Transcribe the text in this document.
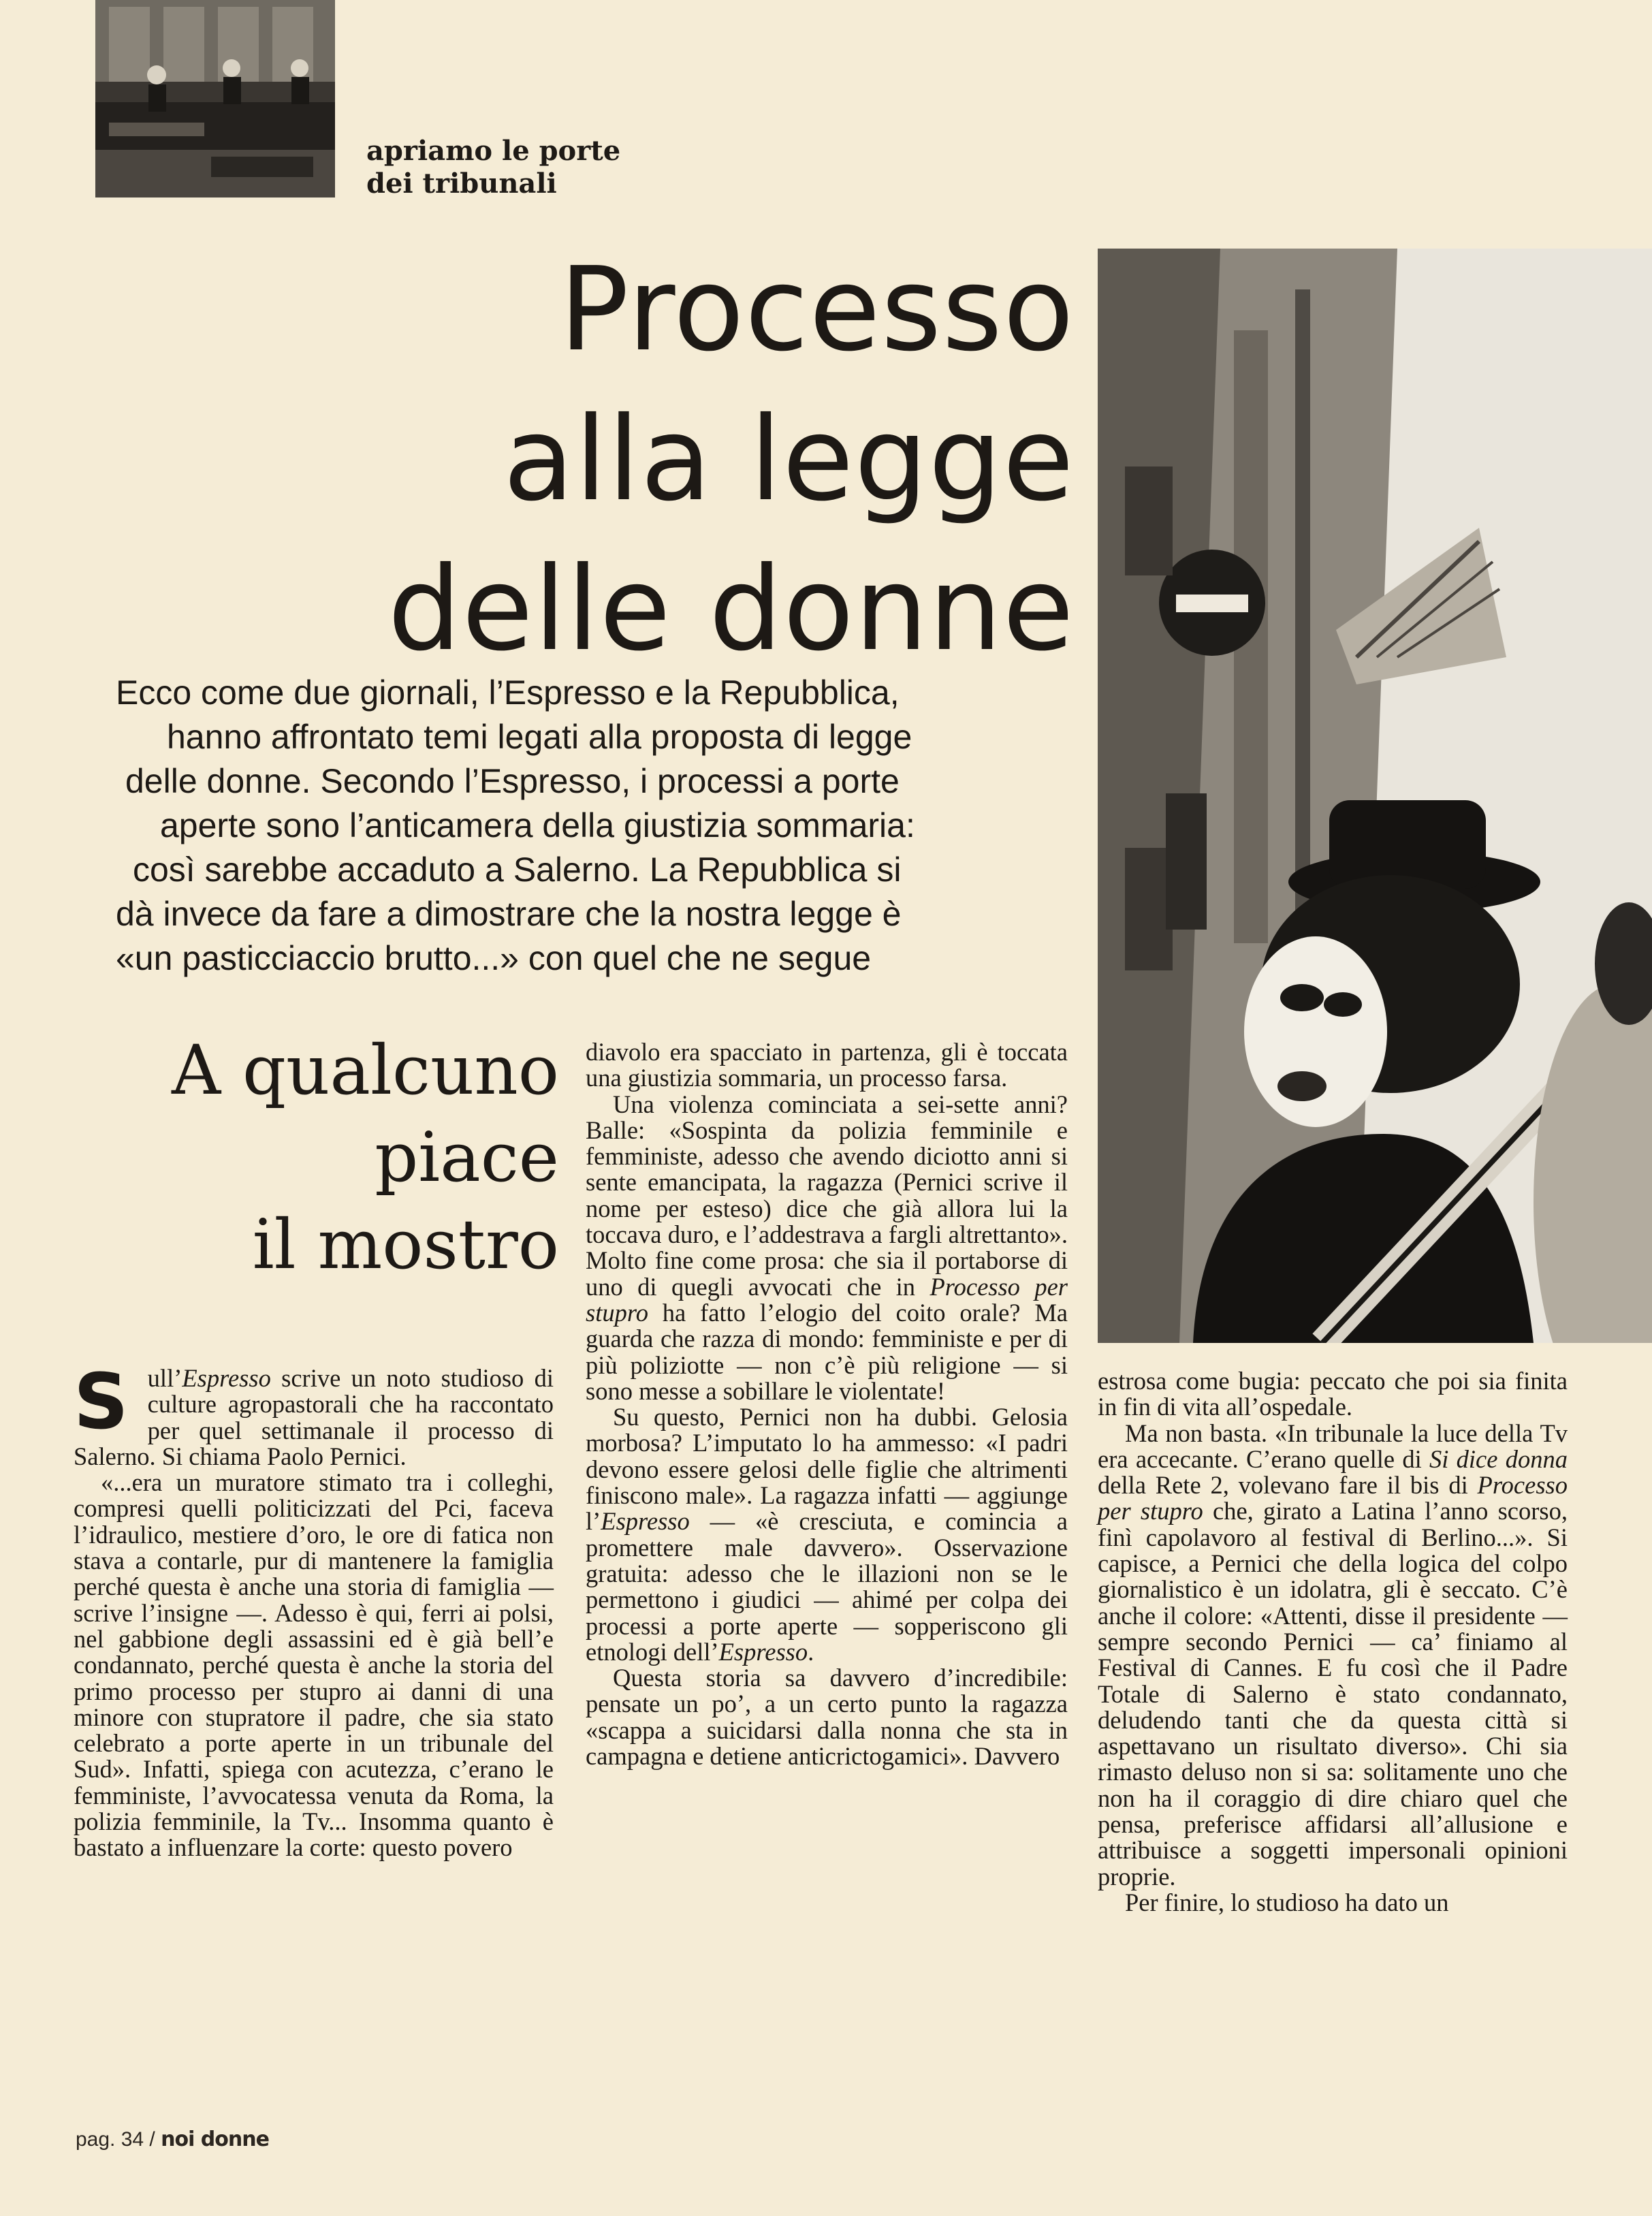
apriamo le porte
dei tribunali
Processo
alla legge
delle donne
Ecco come due giornali, l’Espresso e la Repubblica,
hanno affrontato temi legati alla proposta di legge
delle donne. Secondo l’Espresso, i processi a porte
aperte sono l’anticamera della giustizia sommaria:
così sarebbe accaduto a Salerno. La Repubblica si
dà invece da fare a dimostrare che la nostra legge è
«un pasticciaccio brutto...» con quel che ne segue
A qualcuno
piace
il mostro

Sull’Espresso scrive un noto studioso di culture agropastorali che ha raccontato per quel settimanale il processo di Salerno. Si chiama Paolo Pernici.

«...era un muratore stimato tra i colleghi, compresi quelli politicizzati del Pci, faceva l’idraulico, mestiere d’oro, le ore di fatica non stava a contarle, pur di mantenere la famiglia perché questa è anche una storia di famiglia — scrive l’insigne —. Adesso è qui, ferri ai polsi, nel gabbione degli assassini ed è già bell’e condannato, perché questa è anche la storia del primo processo per stupro ai danni di una minore con stupratore il padre, che sia stato celebrato a porte aperte in un tribunale del Sud». Infatti, spiega con acutezza, c’erano le femministe, l’avvocatessa venuta da Roma, la polizia femminile, la Tv... Insomma quanto è bastato a influenzare la corte: questo povero

diavolo era spacciato in partenza, gli è toccata una giustizia sommaria, un processo farsa.

Una violenza cominciata a sei-sette anni? Balle: «Sospinta da polizia femminile e femministe, adesso che avendo diciotto anni si sente emancipata, la ragazza (Pernici scrive il nome per esteso) dice che già allora lui la toccava duro, e l’addestrava a fargli altrettanto». Molto fine come prosa: che sia il portaborse di uno di quegli avvocati che in Processo per stupro ha fatto l’elogio del coito orale? Ma guarda che razza di mondo: femministe e per di più poliziotte — non c’è più religione — si sono messe a sobillare le violentate!

Su questo, Pernici non ha dubbi. Gelosia morbosa? L’imputato lo ha ammesso: «I padri devono essere gelosi delle figlie che altrimenti finiscono male». La ragazza infatti — aggiunge l’Espresso — «è cresciuta, e comincia a promettere male davvero». Osservazione gratuita: adesso che le illazioni non se le permettono i giudici — ahimé per colpa dei processi a porte aperte — sopperiscono gli etnologi dell’Espresso.

Questa storia sa davvero d’incredibile: pensate un po’, a un certo punto la ragazza «scappa a suicidarsi dalla nonna che sta in campagna e detiene anticrictogamici». Davvero

estrosa come bugia: peccato che poi sia finita in fin di vita all’ospedale.

Ma non basta. «In tribunale la luce della Tv era accecante. C’erano quelle di Si dice donna della Rete 2, volevano fare il bis di Processo per stupro che, girato a Latina l’anno scorso, finì capolavoro al festival di Berlino...». Si capisce, a Pernici che della logica del colpo giornalistico è un idolatra, gli è seccato. C’è anche il colore: «Attenti, disse il presidente — sempre secondo Pernici — ca’ finiamo al Festival di Cannes. E fu così che il Padre Totale di Salerno è stato condannato, deludendo tanti che da questa città si aspettavano un risultato diverso». Chi sia rimasto deluso non si sa: solitamente uno che non ha il coraggio di dire chiaro quel che pensa, preferisce affidarsi all’allusione e attribuisce a soggetti impersonali opinioni proprie.

Per finire, lo studioso ha dato un

pag. 34 / noi donne
